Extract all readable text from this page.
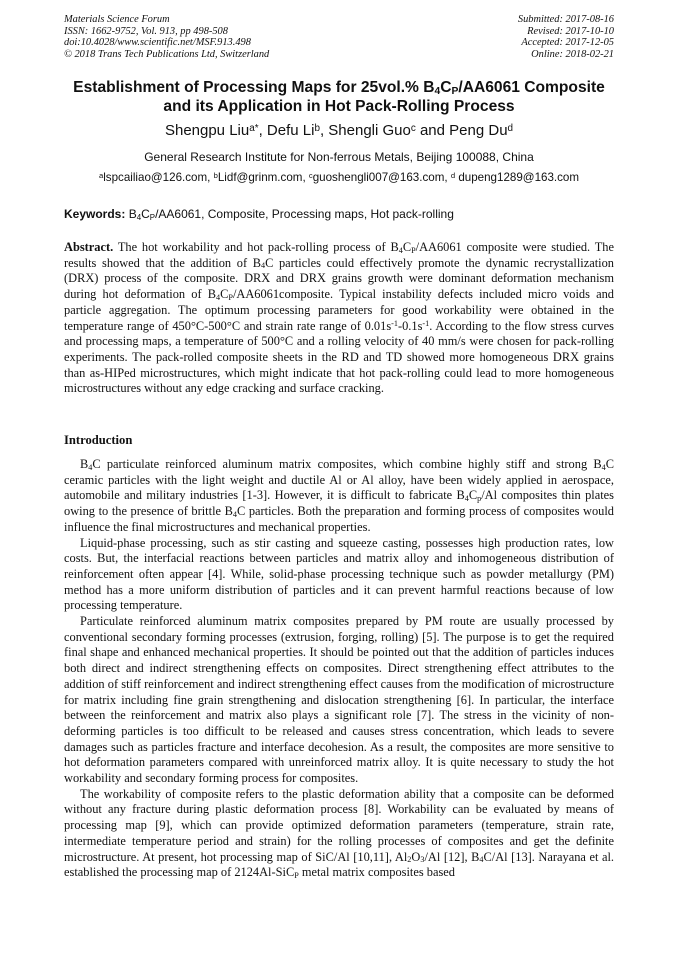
Materials Science Forum
ISSN: 1662-9752, Vol. 913, pp 498-508
doi:10.4028/www.scientific.net/MSF.913.498
© 2018 Trans Tech Publications Ltd, Switzerland
Submitted: 2017-08-16
Revised: 2017-10-10
Accepted: 2017-12-05
Online: 2018-02-21
Establishment of Processing Maps for 25vol.% $B_4C_P/AA6061$ Composite
and its Application in Hot Pack-Rolling Process
Shengpu Liu$^{a*}$, Defu Li$^b$, Shengli Guo$^c$ and Peng Du$^d$
General Research Institute for Non-ferrous Metals, Beijing 100088, China
$^a$lspcailiao@126.com, $^b$Lidf@grinm.com, $^c$guoshengli007@163.com, $^d$ dupeng1289@163.com
Keywords: $B_4C_P/AA6061$, Composite, Processing maps, Hot pack-rolling

Abstract. The hot workability and hot pack-rolling process of $B_4C_P/AA6061$ composite were studied. The results showed that the addition of $B_4C$ particles could effectively promote the dynamic recrystallization (DRX) process of the composite. DRX and DRX grains growth were dominant deformation mechanism during hot deformation of $B_4C_P/AA6061composite$. Typical instability defects included micro voids and particle aggregation. The optimum processing parameters for good workability were obtained in the temperature range of 450°C-500°C and strain rate range of $0.01s^{-1}-0.1s^{-1}$. According to the flow stress curves and processing maps, a temperature of 500°C and a rolling velocity of 40 mm/s were chosen for pack-rolling experiments. The pack-rolled composite sheets in the RD and TD showed more homogeneous DRX grains than as-HIPed microstructures, which might indicate that hot pack-rolling could lead to more homogeneous microstructures without any edge cracking and surface cracking.

Introduction

$B_4C$ particulate reinforced aluminum matrix composites, which combine highly stiff and strong $B_4C$ ceramic particles with the light weight and ductile Al or Al alloy, have been widely applied in aerospace, automobile and military industries [1-3]. However, it is difficult to fabricate $B_4C_p/Al$ composites thin plates owing to the presence of brittle $B_4C$ particles. Both the preparation and forming process of composites would influence the final microstructures and mechanical properties.

Liquid-phase processing, such as stir casting and squeeze casting, possesses high production rates, low costs. But, the interfacial reactions between particles and matrix alloy and inhomogeneous distribution of reinforcement often appear [4]. While, solid-phase processing technique such as powder metallurgy (PM) method has a more uniform distribution of particles and it can prevent harmful reactions because of low processing temperature.

Particulate reinforced aluminum matrix composites prepared by PM route are usually processed by conventional secondary forming processes (extrusion, forging, rolling) [5]. The purpose is to get the required final shape and enhanced mechanical properties. It should be pointed out that the addition of particles induces both direct and indirect strengthening effects on composites. Direct strengthening effect attributes to the addition of stiff reinforcement and indirect strengthening effect causes from the modification of microstructure for matrix including fine grain strengthening and dislocation strengthening [6]. In particular, the interface between the reinforcement and matrix also plays a significant role [7]. The stress in the vicinity of non-deforming particles is too difficult to be released and causes stress concentration, which leads to severe damages such as particles fracture and interface decohesion. As a result, the composites are more sensitive to hot deformation parameters compared with unreinforced matrix alloy. It is quite necessary to study the hot workability and secondary forming process for composites.

The workability of composite refers to the plastic deformation ability that a composite can be deformed without any fracture during plastic deformation process [8]. Workability can be evaluated by means of processing map [9], which can provide optimized deformation parameters (temperature, strain rate, intermediate temperature period and strain) for the rolling processes of composites and get the definite microstructure. At present, hot processing map of SiC/Al [10,11], $Al_2O_3/Al$ [12], $B_4C/Al$ [13]. Narayana et al. established the processing map of 2124Al-SiC$_P$ metal matrix composites based
